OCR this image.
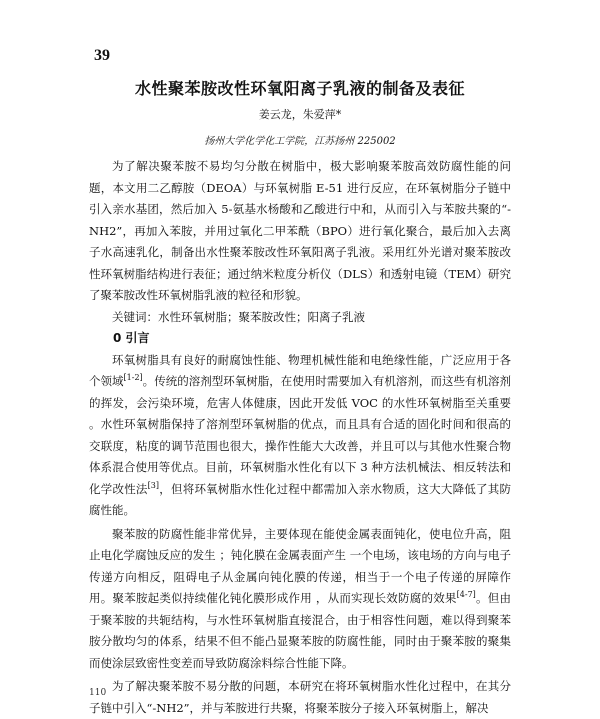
39
水性聚苯胺改性环氧阳离子乳液的制备及表征
姜云龙，朱爱萍*
扬州大学化学化工学院，江苏扬州 225002

为了解决聚苯胺不易均匀分散在树脂中，极大影响聚苯胺高效防腐性能的问题，本文用二乙醇胺（DEOA）与环氧树脂 E-51 进行反应，在环氧树脂分子链中引入亲水基团，然后加入 5-氨基水杨酸和乙酸进行中和，从而引入与苯胺共聚的“-NH2”，再加入苯胺，并用过氧化二甲苯酰（BPO）进行氧化聚合，最后加入去离子水高速乳化，制备出水性聚苯胺改性环氧阳离子乳液。采用红外光谱对聚苯胺改性环氧树脂结构进行表征；通过纳米粒度分析仪（DLS）和透射电镜（TEM）研究了聚苯胺改性环氧树脂乳液的粒径和形貌。

关键词：水性环氧树脂；聚苯胺改性；阳离子乳液

0 引言

环氧树脂具有良好的耐腐蚀性能、物理机械性能和电绝缘性能，广泛应用于各个领域[1-2]。传统的溶剂型环氧树脂，在使用时需要加入有机溶剂，而这些有机溶剂的挥发，会污染环境，危害人体健康，因此开发低 VOC 的水性环氧树脂至关重要 。水性环氧树脂保持了溶剂型环氧树脂的优点，而且具有合适的固化时间和很高的交联度，粘度的调节范围也很大，操作性能大大改善，并且可以与其他水性聚合物体系混合使用等优点。目前，环氧树脂水性化有以下 3 种方法机械法、相反转法和化学改性法[3]，但将环氧树脂水性化过程中都需加入亲水物质，这大大降低了其防腐性能。

聚苯胺的防腐性能非常优异，主要体现在能使金属表面钝化，使电位升高，阻止电化学腐蚀反应的发生 ；钝化膜在金属表面产生 一个电场，该电场的方向与电子传递方向相反，阻碍电子从金属向钝化膜的传递，相当于一个电子传递的屏障作用。聚苯胺起类似持续催化钝化膜形成作用 ，从而实现长效防腐的效果[4-7]。但由于聚苯胺的共轭结构，与水性环氧树脂直接混合，由于相容性问题，难以得到聚苯胺分散均匀的体系，结果不但不能凸显聚苯胺的防腐性能，同时由于聚苯胺的聚集而使涂层致密性变差而导致防腐涂料综合性能下降。

为了解决聚苯胺不易分散的问题，本研究在将环氧树脂水性化过程中，在其分子链中引入“-NH2”，并与苯胺进行共聚，将聚苯胺分子接入环氧树脂上，解决

110
